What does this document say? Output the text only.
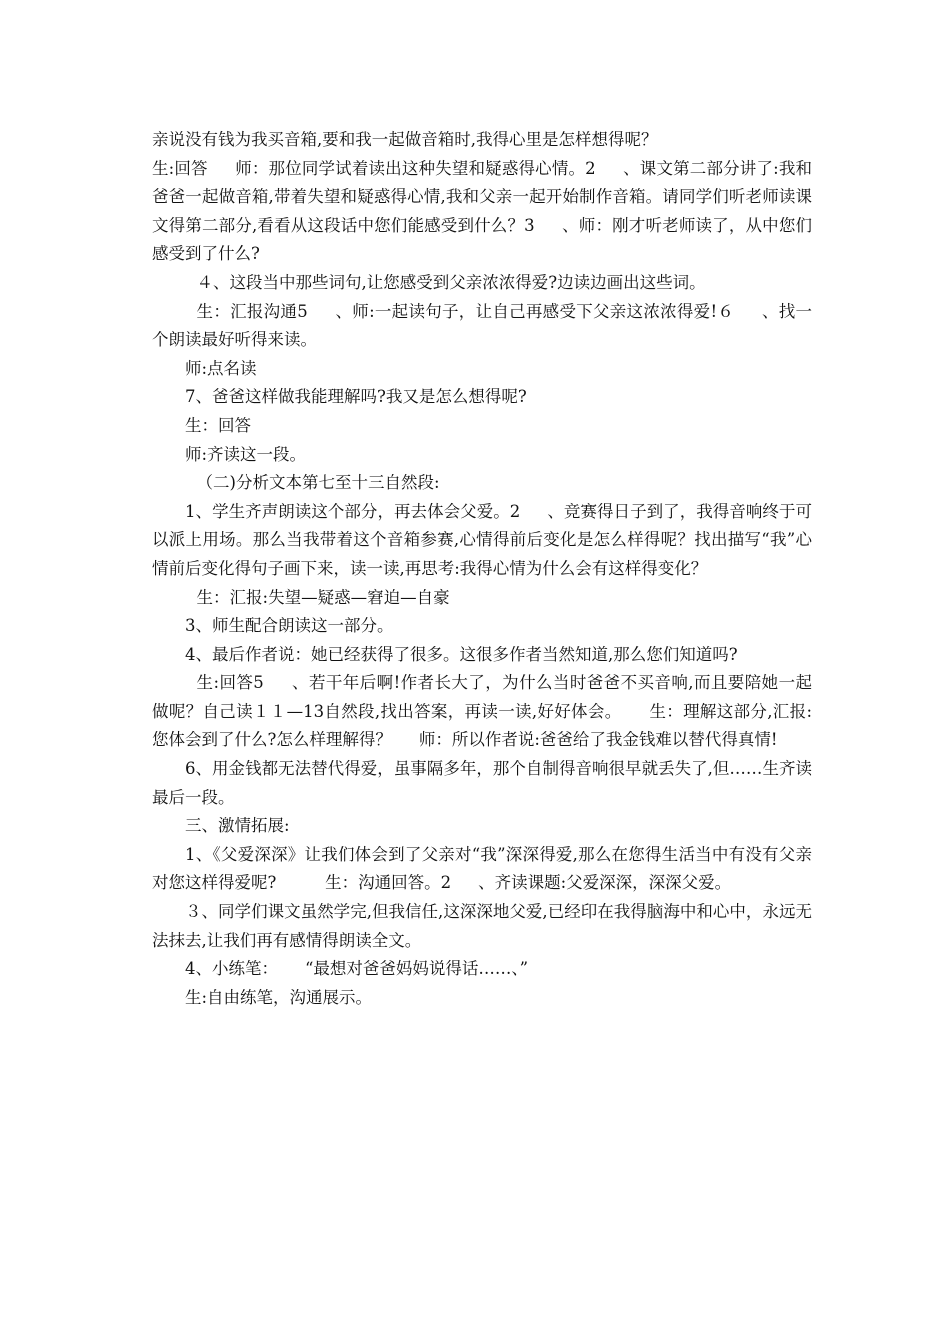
亲说没有钱为我买音箱,要和我一起做音箱时,我得心里是怎样想得呢？

生:回答 　 师：那位同学试着读出这种失望和疑惑得心情。2 　 、课文第二部分讲了:我和爸爸一起做音箱,带着失望和疑惑得心情,我和父亲一起开始制作音箱。请同学们听老师读课文得第二部分,看看从这段话中您们能感受到什么？3 　 、师：刚才听老师读了，从中您们感受到了什么?

４、这段当中那些词句,让您感受到父亲浓浓得爱?边读边画出这些词。

生：汇报沟通5 　 、师:一起读句子，让自己再感受下父亲这浓浓得爱!６ 　 、找一个朗读最好听得来读。

师:点名读

7、爸爸这样做我能理解吗?我又是怎么想得呢?

生：回答

师:齐读这一段。

（二)分析文本第七至十三自然段:

1、学生齐声朗读这个部分，再去体会父爱。2 　 、竞赛得日子到了，我得音响终于可以派上用场。那么当我带着这个音箱参赛,心情得前后变化是怎么样得呢？找出描写“我”心情前后变化得句子画下来，读一读,再思考:我得心情为什么会有这样得变化？

生：汇报:失望—疑惑—窘迫—自豪

3、师生配合朗读这一部分。

4、最后作者说：她已经获得了很多。这很多作者当然知道,那么您们知道吗?

生:回答5 　 、若干年后啊!作者长大了，为什么当时爸爸不买音响,而且要陪她一起做呢？自己读１１—13自然段,找出答案，再读一读,好好体会。 　 生：理解这部分,汇报:您体会到了什么?怎么样理解得？ 　 师：所以作者说:爸爸给了我金钱难以替代得真情!

6、用金钱都无法替代得爱，虽事隔多年，那个自制得音响很早就丢失了,但……生齐读最后一段。

三、激情拓展:

1、《父爱深深》让我们体会到了父亲对“我”深深得爱,那么在您得生活当中有没有父亲对您这样得爱呢? 　 　 生：沟通回答。2 　 、齐读课题:父爱深深，深深父爱。

３、同学们课文虽然学完,但我信任,这深深地父爱,已经印在我得脑海中和心中，永远无法抹去,让我们再有感情得朗读全文。

4、小练笔： 　 “最想对爸爸妈妈说得话……、”

生:自由练笔，沟通展示。
